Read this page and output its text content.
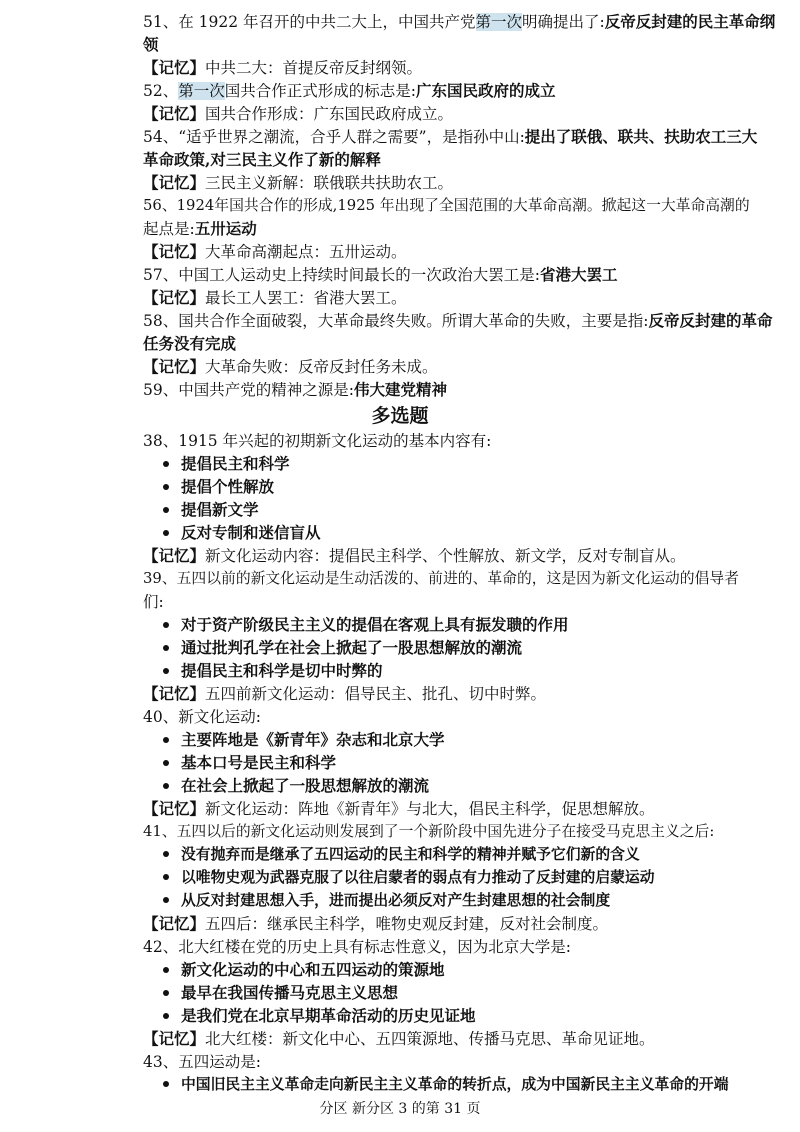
51、在 1922 年召开的中共二大上，中国共产党第一次明确提出了:反帝反封建的民主革命纲
领
【记忆】中共二大：首提反帝反封纲领。
52、第一次国共合作正式形成的标志是:广东国民政府的成立
【记忆】国共合作形成：广东国民政府成立。
54、“适乎世界之潮流，合乎人群之需要”，是指孙中山:提出了联俄、联共、扶助农工三大
革命政策,对三民主义作了新的解释
【记忆】三民主义新解：联俄联共扶助农工。
56、1924年国共合作的形成,1925 年出现了全国范围的大革命高潮。掀起这一大革命高潮的
起点是:五卅运动
【记忆】大革命高潮起点：五卅运动。
57、中国工人运动史上持续时间最长的一次政治大罢工是:省港大罢工
【记忆】最长工人罢工：省港大罢工。
58、国共合作全面破裂，大革命最终失败。所谓大革命的失败，主要是指:反帝反封建的革命
任务没有完成
【记忆】大革命失败：反帝反封任务未成。
59、中国共产党的精神之源是:伟大建党精神
多选题
38、1915 年兴起的初期新文化运动的基本内容有:
提倡民主和科学
提倡个性解放
提倡新文学
反对专制和迷信盲从
【记忆】新文化运动内容：提倡民主科学、个性解放、新文学，反对专制盲从。
39、五四以前的新文化运动是生动活泼的、前进的、革命的，这是因为新文化运动的倡导者
们:
对于资产阶级民主主义的提倡在客观上具有振发聩的作用
通过批判孔学在社会上掀起了一股思想解放的潮流
提倡民主和科学是切中时弊的
【记忆】五四前新文化运动：倡导民主、批孔、切中时弊。
40、新文化运动:
主要阵地是《新青年》杂志和北京大学
基本口号是民主和科学
在社会上掀起了一股思想解放的潮流
【记忆】新文化运动：阵地《新青年》与北大，倡民主科学，促思想解放。
41、五四以后的新文化运动则发展到了一个新阶段中国先进分子在接受马克思主义之后:
没有抛弃而是继承了五四运动的民主和科学的精神并赋予它们新的含义
以唯物史观为武器克服了以往启蒙者的弱点有力推动了反封建的启蒙运动
从反对封建思想入手，进而提出必须反对产生封建思想的社会制度
【记忆】五四后：继承民主科学，唯物史观反封建，反对社会制度。
42、北大红楼在党的历史上具有标志性意义，因为北京大学是:
新文化运动的中心和五四运动的策源地
最早在我国传播马克思主义思想
是我们党在北京早期革命活动的历史见证地
分区 新分区 3 的第 31 页
【记忆】北大红楼：新文化中心、五四策源地、传播马克思、革命见证地。
43、五四运动是:
中国旧民主主义革命走向新民主主义革命的转折点，成为中国新民主主义革命的开端
